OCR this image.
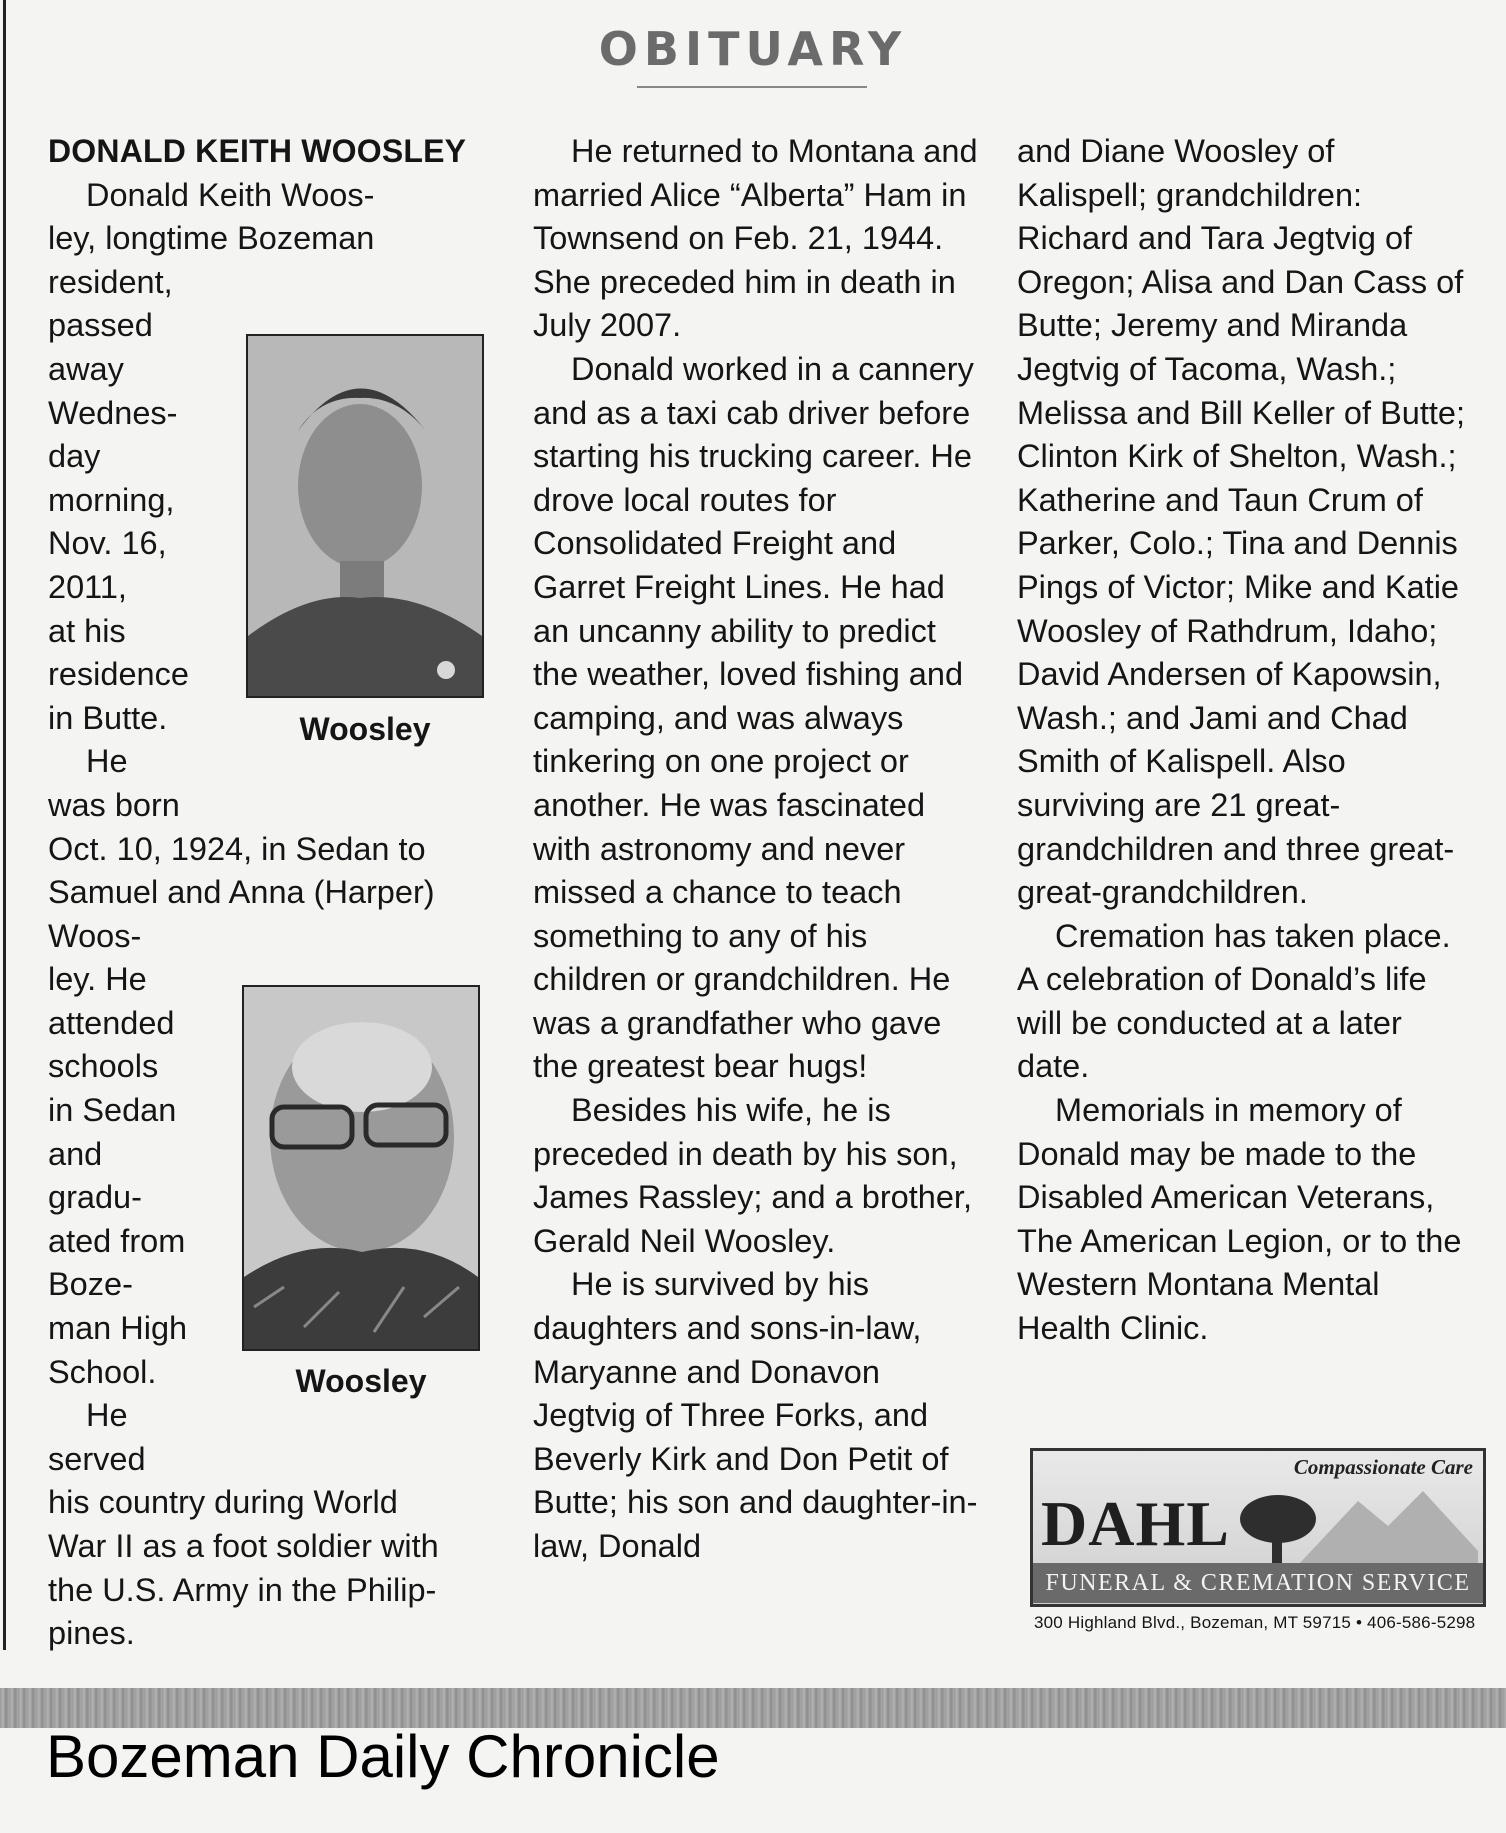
OBITUARY
DONALD KEITH WOOSLEY
Donald Keith Woos-
ley, longtime Bozeman
resident,
passed
away
Wednes-
day
morning,
Nov. 16,
2011,
at his
residence
in Butte.
He
was born
Oct. 10, 1924, in Sedan to
Samuel and Anna (Harper)
Woos-
ley. He
attended
schools
in Sedan
and
gradu-
ated from
Boze-
man High
School.
He
served
his country during World
War II as a foot soldier with
the U.S. Army in the Philip-
pines.
Woosley
Woosley

He returned to Montana and married Alice “Alberta” Ham in Townsend on Feb. 21, 1944. She preceded him in death in July 2007.

Donald worked in a cannery and as a taxi cab driver before starting his trucking career. He drove local routes for Consolidated Freight and Garret Freight Lines. He had an uncanny ability to predict the weather, loved fishing and camping, and was always tinkering on one project or another. He was fascinated with astronomy and never missed a chance to teach something to any of his children or grandchildren. He was a grandfather who gave the greatest bear hugs!

Besides his wife, he is preceded in death by his son, James Rassley; and a brother, Gerald Neil Woosley.

He is survived by his daughters and sons-in-law, Maryanne and Donavon Jegtvig of Three Forks, and Beverly Kirk and Don Petit of Butte; his son and daughter-in-law, Donald

and Diane Woosley of Kalispell; grandchildren: Richard and Tara Jegtvig of Oregon; Alisa and Dan Cass of Butte; Jeremy and Miranda Jegtvig of Tacoma, Wash.; Melissa and Bill Keller of Butte; Clinton Kirk of Shelton, Wash.; Katherine and Taun Crum of Parker, Colo.; Tina and Dennis Pings of Victor; Mike and Katie Woosley of Rathdrum, Idaho; David Andersen of Kapowsin, Wash.; and Jami and Chad Smith of Kalispell. Also surviving are 21 great-grandchildren and three great-great-grandchildren.

Cremation has taken place. A celebration of Donald’s life will be conducted at a later date.

Memorials in memory of Donald may be made to the Disabled American Veterans, The American Legion, or to the Western Montana Mental Health Clinic.

Compassionate Care
DAHL
FUNERAL & CREMATION SERVICE
300 Highland Blvd., Bozeman, MT 59715 • 406-586-5298
Bozeman Daily Chronicle
